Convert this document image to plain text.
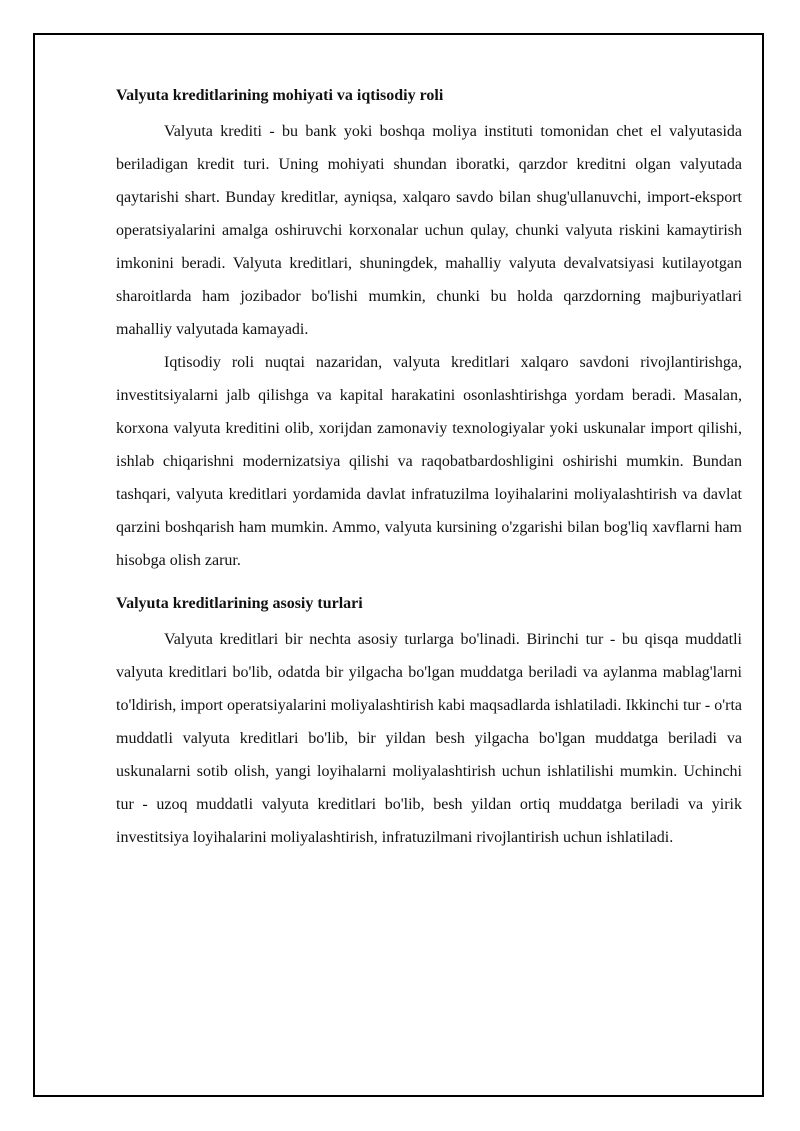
Valyuta kreditlarining mohiyati va iqtisodiy roli

Valyuta krediti - bu bank yoki boshqa moliya instituti tomonidan chet el valyutasida beriladigan kredit turi. Uning mohiyati shundan iboratki, qarzdor kreditni olgan valyutada qaytarishi shart. Bunday kreditlar, ayniqsa, xalqaro savdo bilan shug'ullanuvchi, import-eksport operatsiyalarini amalga oshiruvchi korxonalar uchun qulay, chunki valyuta riskini kamaytirish imkonini beradi. Valyuta kreditlari, shuningdek, mahalliy valyuta devalvatsiyasi kutilayotgan sharoitlarda ham jozibador bo'lishi mumkin, chunki bu holda qarzdorning majburiyatlari mahalliy valyutada kamayadi.

Iqtisodiy roli nuqtai nazaridan, valyuta kreditlari xalqaro savdoni rivojlantirishga, investitsiyalarni jalb qilishga va kapital harakatini osonlashtirishga yordam beradi. Masalan, korxona valyuta kreditini olib, xorijdan zamonaviy texnologiyalar yoki uskunalar import qilishi, ishlab chiqarishni modernizatsiya qilishi va raqobatbardoshligini oshirishi mumkin. Bundan tashqari, valyuta kreditlari yordamida davlat infratuzilma loyihalarini moliyalashtirish va davlat qarzini boshqarish ham mumkin. Ammo, valyuta kursining o'zgarishi bilan bog'liq xavflarni ham hisobga olish zarur.

Valyuta kreditlarining asosiy turlari

Valyuta kreditlari bir nechta asosiy turlarga bo'linadi. Birinchi tur - bu qisqa muddatli valyuta kreditlari bo'lib, odatda bir yilgacha bo'lgan muddatga beriladi va aylanma mablag'larni to'ldirish, import operatsiyalarini moliyalashtirish kabi maqsadlarda ishlatiladi. Ikkinchi tur - o'rta muddatli valyuta kreditlari bo'lib, bir yildan besh yilgacha bo'lgan muddatga beriladi va uskunalarni sotib olish, yangi loyihalarni moliyalashtirish uchun ishlatilishi mumkin. Uchinchi tur - uzoq muddatli valyuta kreditlari bo'lib, besh yildan ortiq muddatga beriladi va yirik investitsiya loyihalarini moliyalashtirish, infratuzilmani rivojlantirish uchun ishlatiladi.
